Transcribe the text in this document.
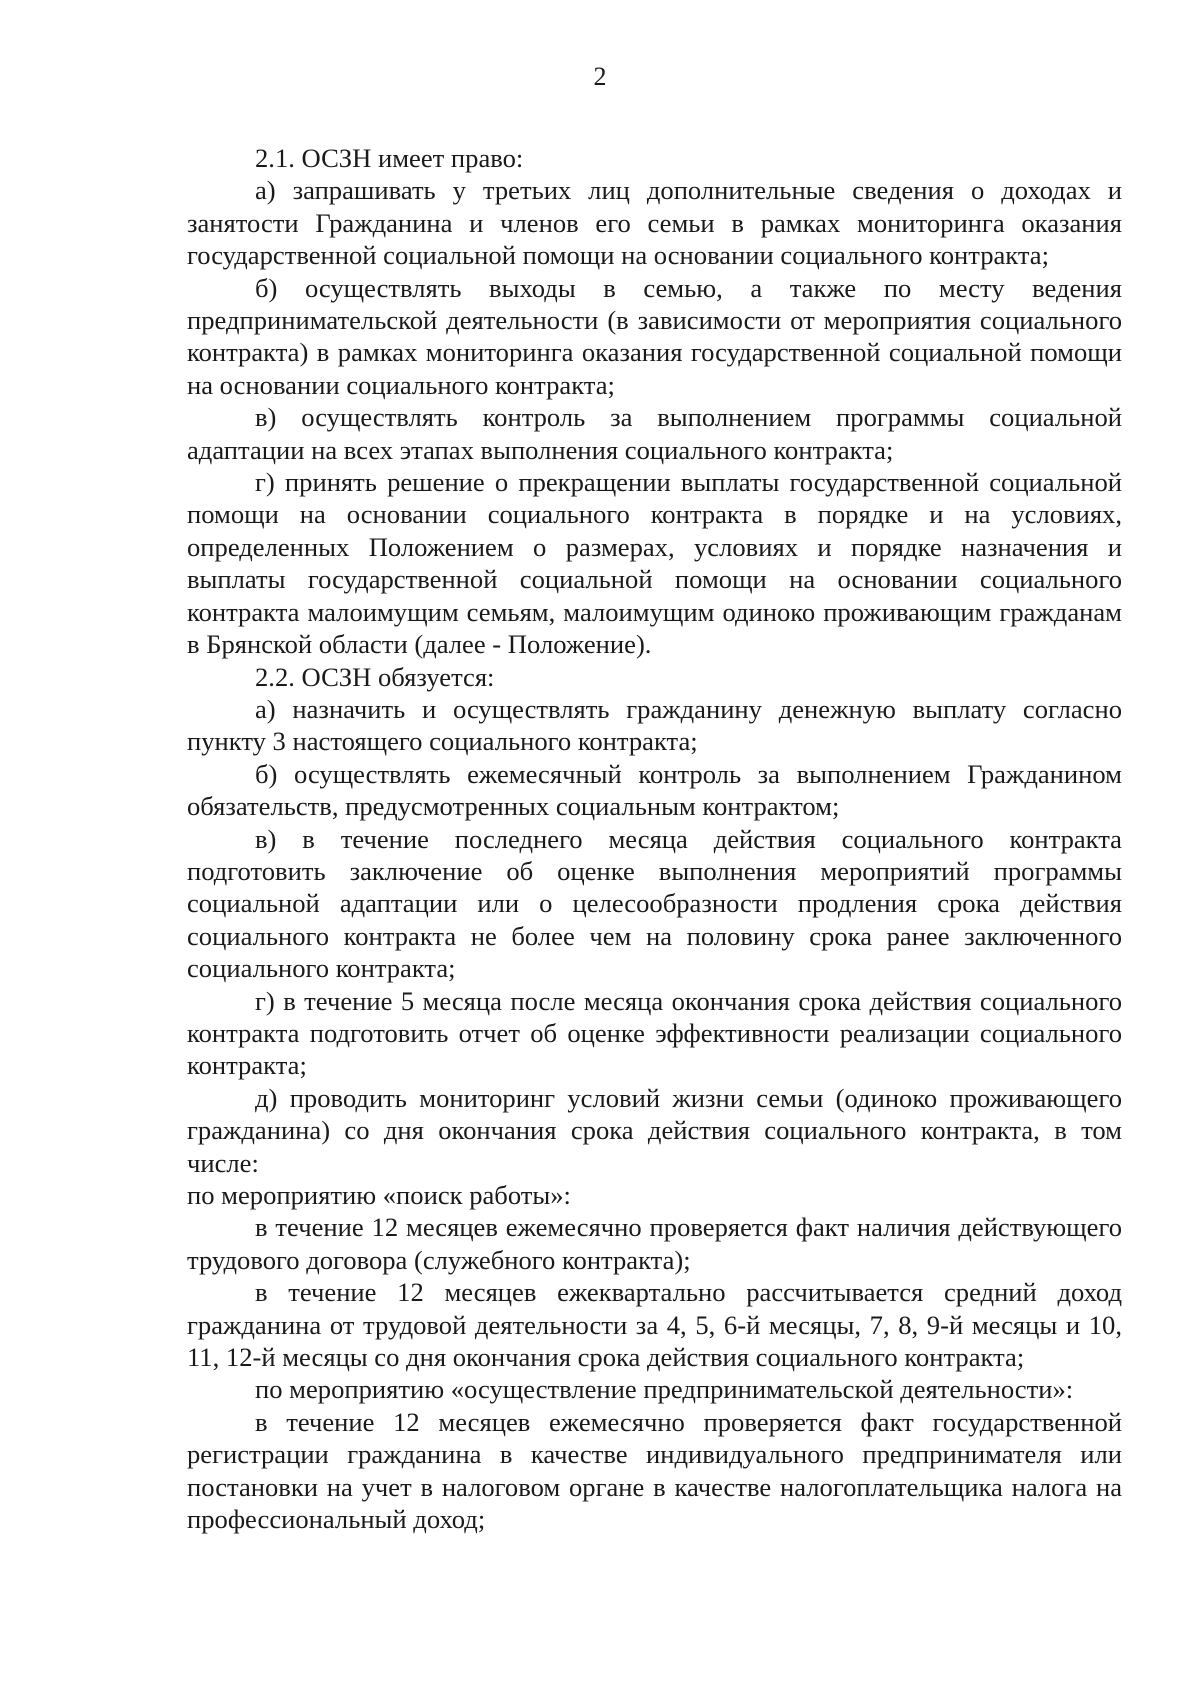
2

2.1. ОСЗН имеет право:

а) запрашивать у третьих лиц дополнительные сведения о доходах и занятости Гражданина и членов его семьи в рамках мониторинга оказания государственной социальной помощи на основании социального контракта;

б) осуществлять выходы в семью, а также по месту ведения предпринимательской деятельности (в зависимости от мероприятия социального контракта) в рамках мониторинга оказания государственной социальной помощи на основании социального контракта;

в) осуществлять контроль за выполнением программы социальной адаптации на всех этапах выполнения социального контракта;

г) принять решение о прекращении выплаты государственной социальной помощи на основании социального контракта в порядке и на условиях, определенных Положением о размерах, условиях и порядке назначения и выплаты государственной социальной помощи на основании социального контракта малоимущим семьям, малоимущим одиноко проживающим гражданам в Брянской области (далее - Положение).

2.2. ОСЗН обязуется:

а) назначить и осуществлять гражданину денежную выплату согласно пункту 3 настоящего социального контракта;

б) осуществлять ежемесячный контроль за выполнением Гражданином обязательств, предусмотренных социальным контрактом;

в) в течение последнего месяца действия социального контракта подготовить заключение об оценке выполнения мероприятий программы социальной адаптации или о целесообразности продления срока действия социального контракта не более чем на половину срока ранее заключенного социального контракта;

г) в течение 5 месяца после месяца окончания срока действия социального контракта подготовить отчет об оценке эффективности реализации социального контракта;

д) проводить мониторинг условий жизни семьи (одиноко проживающего гражданина) со дня окончания срока действия социального контракта, в том числе:

по мероприятию «поиск работы»:

в течение 12 месяцев ежемесячно проверяется факт наличия действующего трудового договора (служебного контракта);

в течение 12 месяцев ежеквартально рассчитывается средний доход гражданина от трудовой деятельности за 4, 5, 6-й месяцы, 7, 8, 9-й месяцы и 10, 11, 12-й месяцы со дня окончания срока действия социального контракта;

по мероприятию «осуществление предпринимательской деятельности»:

в течение 12 месяцев ежемесячно проверяется факт государственной регистрации гражданина в качестве индивидуального предпринимателя или постановки на учет в налоговом органе в качестве налогоплательщика налога на профессиональный доход;
